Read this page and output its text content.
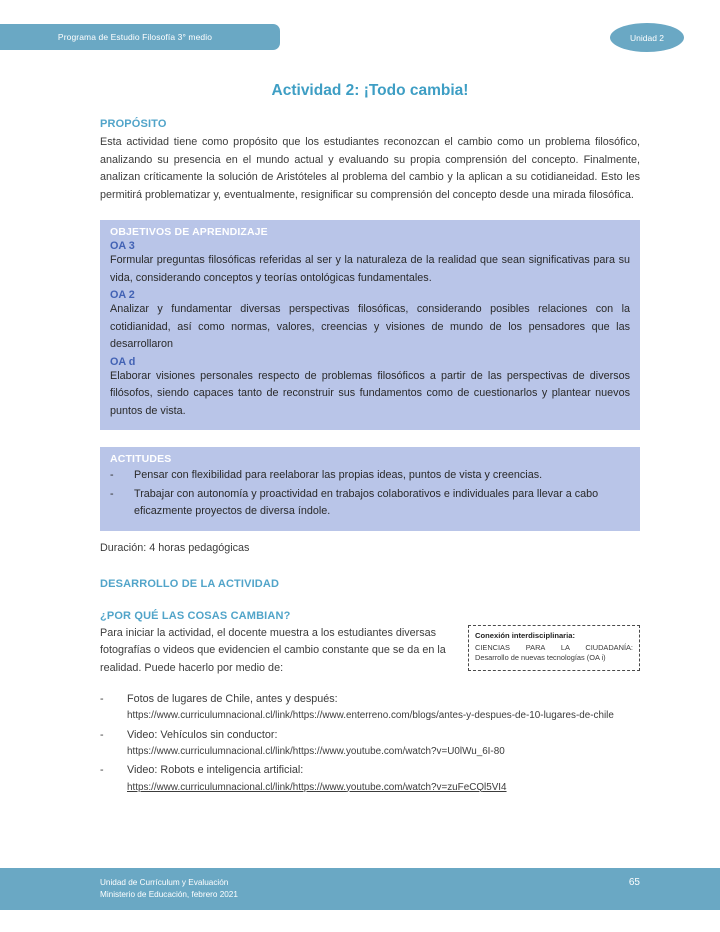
Programa de Estudio Filosofía 3° medio	Unidad 2
Actividad 2: ¡Todo cambia!
PROPÓSITO
Esta actividad tiene como propósito que los estudiantes reconozcan el cambio como un problema filosófico, analizando su presencia en el mundo actual y evaluando su propia comprensión del concepto. Finalmente, analizan críticamente la solución de Aristóteles al problema del cambio y la aplican a su cotidianeidad. Esto les permitirá problematizar y, eventualmente, resignificar su comprensión del concepto desde una mirada filosófica.
OBJETIVOS DE APRENDIZAJE
OA 3
Formular preguntas filosóficas referidas al ser y la naturaleza de la realidad que sean significativas para su vida, considerando conceptos y teorías ontológicas fundamentales.
OA 2
Analizar y fundamentar diversas perspectivas filosóficas, considerando posibles relaciones con la cotidianidad, así como normas, valores, creencias y visiones de mundo de los pensadores que las desarrollaron
OA d
Elaborar visiones personales respecto de problemas filosóficos a partir de las perspectivas de diversos filósofos, siendo capaces tanto de reconstruir sus fundamentos como de cuestionarlos y plantear nuevos puntos de vista.
ACTITUDES
-	Pensar con flexibilidad para reelaborar las propias ideas, puntos de vista y creencias.
-	Trabajar con autonomía y proactividad en trabajos colaborativos e individuales para llevar a cabo eficazmente proyectos de diversa índole.
Duración: 4 horas pedagógicas
DESARROLLO DE LA ACTIVIDAD
¿POR QUÉ LAS COSAS CAMBIAN?
Para iniciar la actividad, el docente muestra a los estudiantes diversas fotografías o videos que evidencien el cambio constante que se da en la realidad. Puede hacerlo por medio de:
Conexión interdisciplinaria:
CIENCIAS PARA LA CIUDADANÍA:
Desarrollo de nuevas tecnologías (OA i)
-	Fotos de lugares de Chile, antes y después:
https://www.curriculumnacional.cl/link/https://www.enterreno.com/blogs/antes-y-despues-de-10-lugares-de-chile
-	Video: Vehículos sin conductor:
https://www.curriculumnacional.cl/link/https://www.youtube.com/watch?v=U0lWu_6I-80
-	Video: Robots e inteligencia artificial:
https://www.curriculumnacional.cl/link/https://www.youtube.com/watch?v=zuFeCQl5VI4
Unidad de Currículum y Evaluación
Ministerio de Educación, febrero 2021
65
